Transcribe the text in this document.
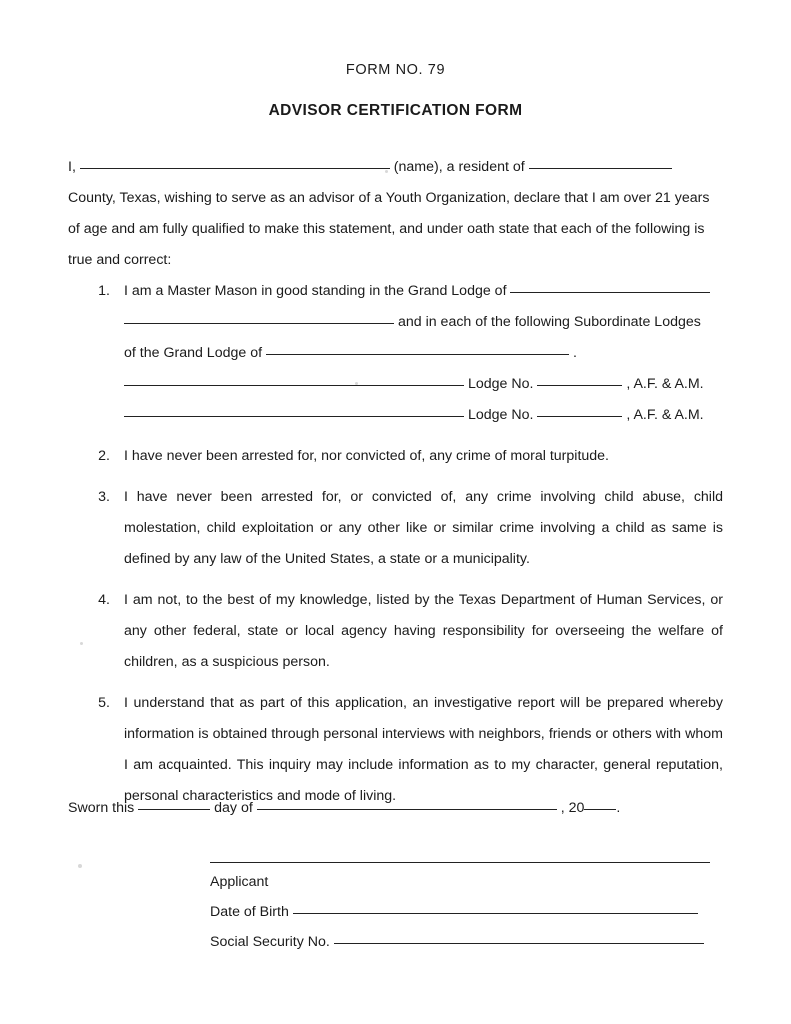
FORM NO. 79
ADVISOR CERTIFICATION FORM
I,	(name), a resident of
County, Texas, wishing to serve as an advisor of a Youth Organization, declare that I am over 21 years of age and am fully qualified to make this statement, and under oath state that each of the following is true and correct:
1. I am a Master Mason in good standing in the Grand Lodge of
and in each of the following Subordinate Lodges
of the Grand Lodge of	.
Lodge No.	, A.F. & A.M.
Lodge No.	, A.F. & A.M.
2. I have never been arrested for, nor convicted of, any crime of moral turpitude.
3. I have never been arrested for, or convicted of, any crime involving child abuse, child molestation, child exploitation or any other like or similar crime involving a child as same is defined by any law of the United States, a state or a municipality.
4. I am not, to the best of my knowledge, listed by the Texas Department of Human Services, or any other federal, state or local agency having responsibility for overseeing the welfare of children, as a suspicious person.
5. I understand that as part of this application, an investigative report will be prepared whereby information is obtained through personal interviews with neighbors, friends or others with whom I am acquainted. This inquiry may include information as to my character, general reputation, personal characteristics and mode of living.
Sworn this	day of	, 20 .
Applicant
Date of Birth
Social Security No.
